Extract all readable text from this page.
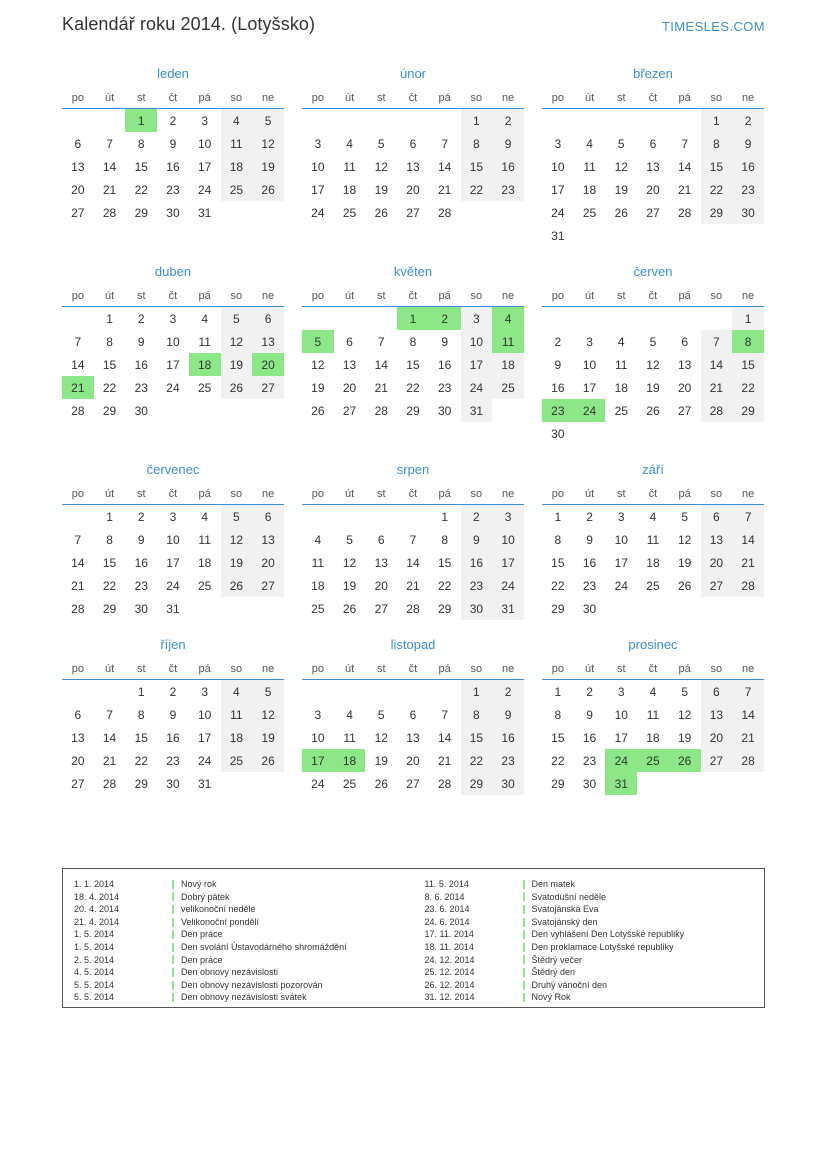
Kalendář roku 2014. (Lotyšsko)	TIMESLES.COM
leden
po	út	st	čt	pá	so	ne
		1	2	3	4	5
6	7	8	9	10	11	12
13	14	15	16	17	18	19
20	21	22	23	24	25	26
27	28	29	30	31		
únor
po	út	st	čt	pá	so	ne
					1	2
3	4	5	6	7	8	9
10	11	12	13	14	15	16
17	18	19	20	21	22	23
24	25	26	27	28		
březen
po	út	st	čt	pá	so	ne
					1	2
3	4	5	6	7	8	9
10	11	12	13	14	15	16
17	18	19	20	21	22	23
24	25	26	27	28	29	30
31						
duben
po	út	st	čt	pá	so	ne
	1	2	3	4	5	6
7	8	9	10	11	12	13
14	15	16	17	18	19	20
21	22	23	24	25	26	27
28	29	30				
květen
po	út	st	čt	pá	so	ne
			1	2	3	4
5	6	7	8	9	10	11
12	13	14	15	16	17	18
19	20	21	22	23	24	25
26	27	28	29	30	31	
červen
po	út	st	čt	pá	so	ne
						1
2	3	4	5	6	7	8
9	10	11	12	13	14	15
16	17	18	19	20	21	22
23	24	25	26	27	28	29
30						
červenec
po	út	st	čt	pá	so	ne
	1	2	3	4	5	6
7	8	9	10	11	12	13
14	15	16	17	18	19	20
21	22	23	24	25	26	27
28	29	30	31			
srpen
po	út	st	čt	pá	so	ne
				1	2	3
4	5	6	7	8	9	10
11	12	13	14	15	16	17
18	19	20	21	22	23	24
25	26	27	28	29	30	31
září
po	út	st	čt	pá	so	ne
1	2	3	4	5	6	7
8	9	10	11	12	13	14
15	16	17	18	19	20	21
22	23	24	25	26	27	28
29	30					
říjen
po	út	st	čt	pá	so	ne
		1	2	3	4	5
6	7	8	9	10	11	12
13	14	15	16	17	18	19
20	21	22	23	24	25	26
27	28	29	30	31		
listopad
po	út	st	čt	pá	so	ne
					1	2
3	4	5	6	7	8	9
10	11	12	13	14	15	16
17	18	19	20	21	22	23
24	25	26	27	28	29	30
prosinec
po	út	st	čt	pá	so	ne
1	2	3	4	5	6	7
8	9	10	11	12	13	14
15	16	17	18	19	20	21
22	23	24	25	26	27	28
29	30	31				
1. 1. 2014	Nový rok
18. 4. 2014	Dobrý pátek
20. 4. 2014	velikonoční neděle
21. 4. 2014	Velikonoční pondělí
1. 5. 2014	Den práce
1. 5. 2014	Den svolání Ústavodárného shromáždění
2. 5. 2014	Den práce
4. 5. 2014	Den obnovy nezávislosti
5. 5. 2014	Den obnovy nezávislosti pozorován
5. 5. 2014	Den obnovy nezávislosti svátek
11. 5. 2014	Den matek
8. 6. 2014	Svatodušní neděle
23. 6. 2014	Svatojánská Eva
24. 6. 2014	Svatojánský den
17. 11. 2014	Den vyhlášení Den Lotyšské republiky
18. 11. 2014	Den proklamace Lotyšské republiky
24. 12. 2014	Štědrý večer
25. 12. 2014	Štědrý den
26. 12. 2014	Druhý vánoční den
31. 12. 2014	Nový Rok
